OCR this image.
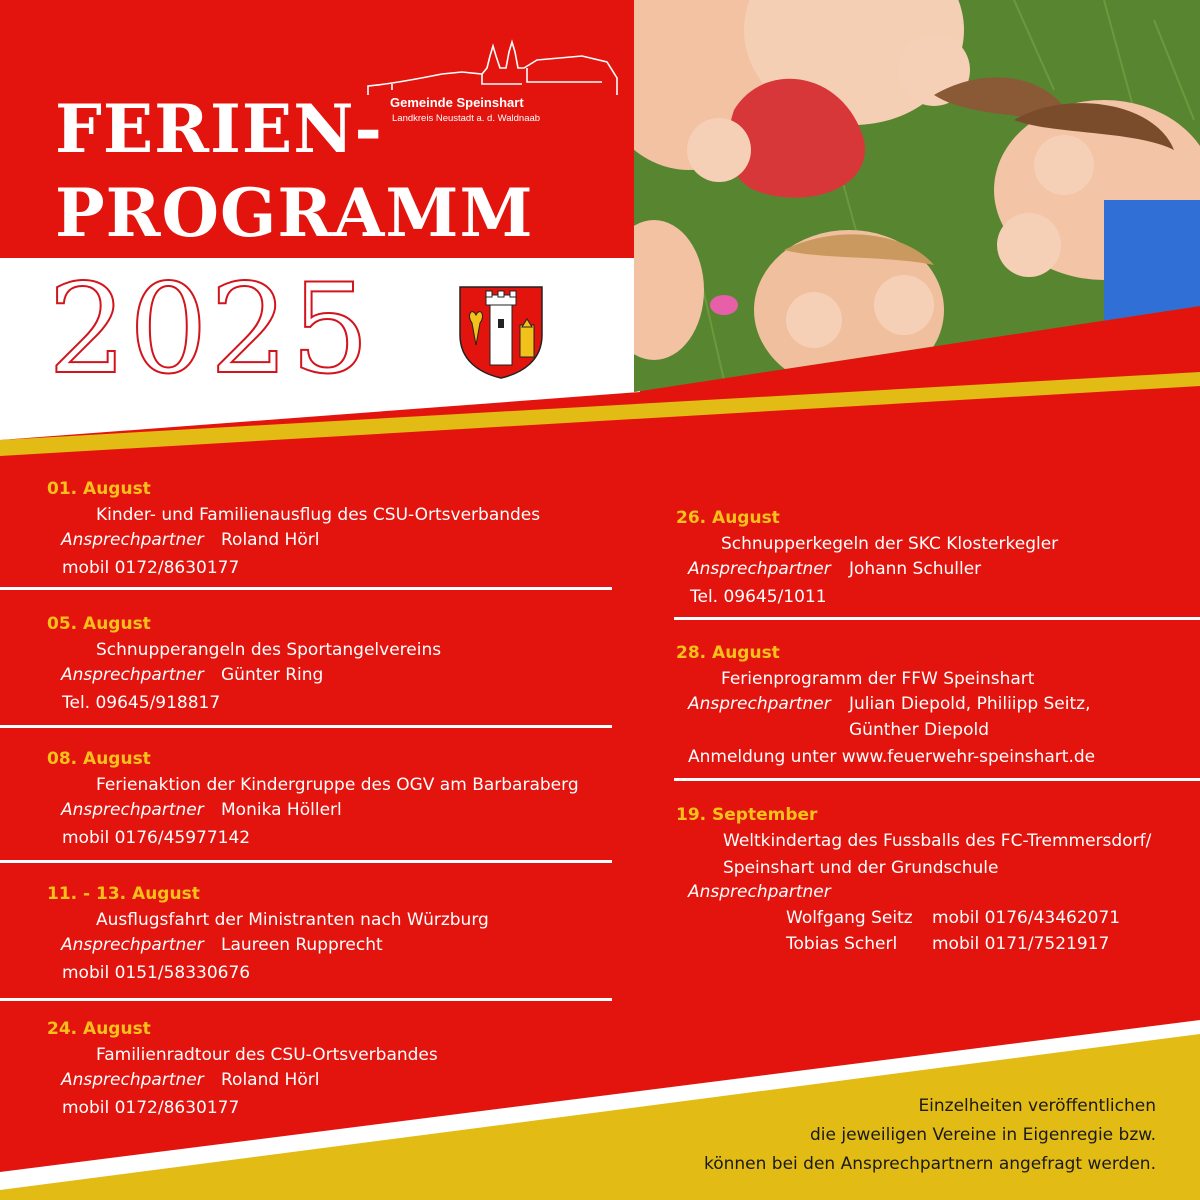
Gemeinde Speinshart
Landkreis Neustadt a. d. Waldnaab
FERIEN-
PROGRAMM
2025
01. August
Kinder- und Familienausflug des CSU-Ortsverbandes
Ansprechpartner Roland Hörl
mobil 0172/8630177
05. August
Schnupperangeln des Sportangelvereins
Ansprechpartner Günter Ring
Tel. 09645/918817
08. August
Ferienaktion der Kindergruppe des OGV am Barbaraberg
Ansprechpartner Monika Höllerl
mobil 0176/45977142
11. - 13. August
Ausflugsfahrt der Ministranten nach Würzburg
Ansprechpartner Laureen Rupprecht
mobil 0151/58330676
24. August
Familienradtour des CSU-Ortsverbandes
Ansprechpartner Roland Hörl
mobil 0172/8630177
26. August
Schnupperkegeln der SKC Klosterkegler
Ansprechpartner Johann Schuller
Tel. 09645/1011
28. August
Ferienprogramm der FFW Speinshart
Ansprechpartner Julian Diepold, Philiipp Seitz,
Günther Diepold
Anmeldung unter www.feuerwehr-speinshart.de
19. September
Weltkindertag des Fussballs des FC-Tremmersdorf/
Speinshart und der Grundschule
Ansprechpartner
Wolfgang Seitz mobil 0176/43462071
Tobias Scherl mobil 0171/7521917
Einzelheiten veröffentlichen
die jeweiligen Vereine in Eigenregie bzw.
können bei den Ansprechpartnern angefragt werden.
